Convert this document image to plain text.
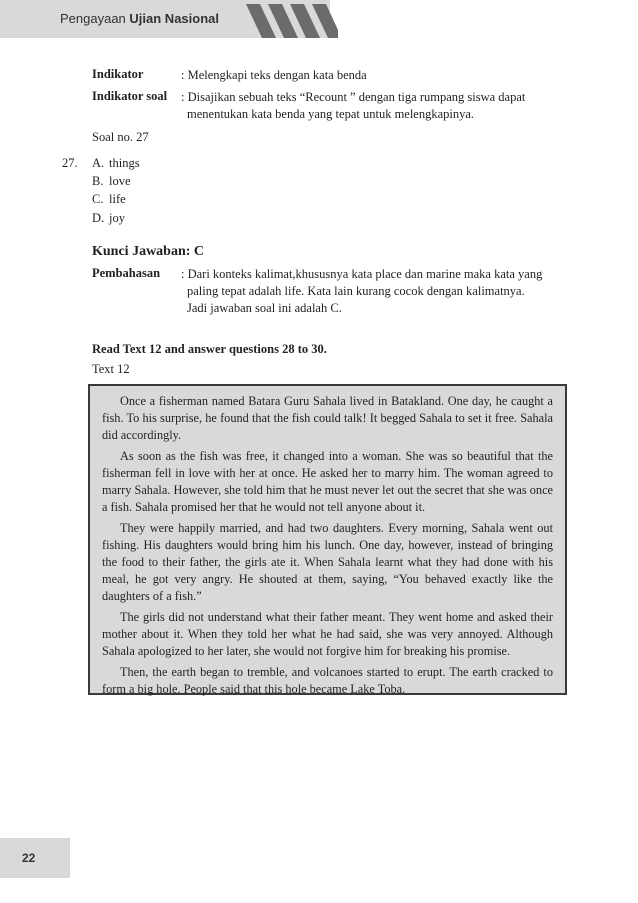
Pengayaan Ujian Nasional
Indikator	: Melengkapi teks dengan kata benda
Indikator soal : Disajikan sebuah teks “Recount ” dengan tiga rumpang siswa dapat
menentukan kata benda yang tepat untuk melengkapinya.
Soal no. 27
27. A. things
B. love
C. life
D. joy
Kunci Jawaban: C
Pembahasan : Dari konteks kalimat,khususnya kata place dan marine maka kata yang
paling tepat adalah life. Kata lain kurang cocok dengan kalimatnya.
Jadi jawaban soal ini adalah C.
Read Text 12 and answer questions 28 to 30.
Text 12

Once a fisherman named Batara Guru Sahala lived in Batakland. One day, he caught a fish. To his surprise, he found that the fish could talk! It begged Sahala to set it free. Sahala did accordingly.

As soon as the fish was free, it changed into a woman. She was so beautiful that the fisherman fell in love with her at once. He asked her to marry him. The woman agreed to marry Sahala. However, she told him that he must never let out the secret that she was once a fish. Sahala promised her that he would not tell anyone about it.

They were happily married, and had two daughters. Every morning, Sahala went out fishing. His daughters would bring him his lunch. One day, however, instead of bringing the food to their father, the girls ate it. When Sahala learnt what they had done with his meal, he got very angry. He shouted at them, saying, “You behaved exactly like the daughters of a fish.”

The girls did not understand what their father meant. They went home and asked their mother about it. When they told her what he had said, she was very annoyed. Although Sahala apologized to her later, she would not forgive him for breaking his promise.

Then, the earth began to tremble, and volcanoes started to erupt. The earth cracked to form a big hole. People said that this hole became Lake Toba.

22
